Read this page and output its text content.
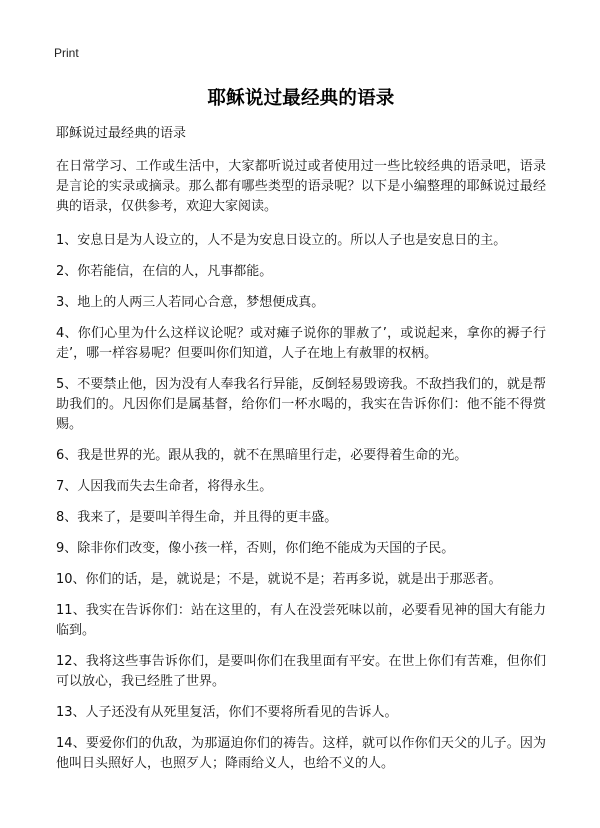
Print
耶稣说过最经典的语录

耶稣说过最经典的语录

在日常学习、工作或生活中，大家都听说过或者使用过一些比较经典的语录吧，语录是言论的实录或摘录。那么都有哪些类型的语录呢？以下是小编整理的耶稣说过最经典的语录，仅供参考，欢迎大家阅读。

1、安息日是为人设立的，人不是为安息日设立的。所以人子也是安息日的主。
2、你若能信，在信的人，凡事都能。
3、地上的人两三人若同心合意，梦想便成真。
4、你们心里为什么这样议论呢？或对瘫子说你的罪赦了’，或说起来，拿你的褥子行走’，哪一样容易呢？但要叫你们知道，人子在地上有赦罪的权柄。
5、不要禁止他，因为没有人奉我名行异能，反倒轻易毁谤我。不敌挡我们的，就是帮助我们的。凡因你们是属基督，给你们一杯水喝的，我实在告诉你们：他不能不得赏赐。
6、我是世界的光。跟从我的，就不在黑暗里行走，必要得着生命的光。
7、人因我而失去生命者，将得永生。
8、我来了，是要叫羊得生命，并且得的更丰盛。
9、除非你们改变，像小孩一样，否则，你们绝不能成为天国的子民。
10、你们的话，是，就说是；不是，就说不是；若再多说，就是出于那恶者。
11、我实在告诉你们：站在这里的，有人在没尝死味以前，必要看见神的国大有能力临到。
12、我将这些事告诉你们，是要叫你们在我里面有平安。在世上你们有苦难，但你们可以放心，我已经胜了世界。
13、人子还没有从死里复活，你们不要将所看见的告诉人。
14、要爱你们的仇敌，为那逼迫你们的祷告。这样，就可以作你们天父的儿子。因为他叫日头照好人，也照歹人；降雨给义人，也给不义的人。
